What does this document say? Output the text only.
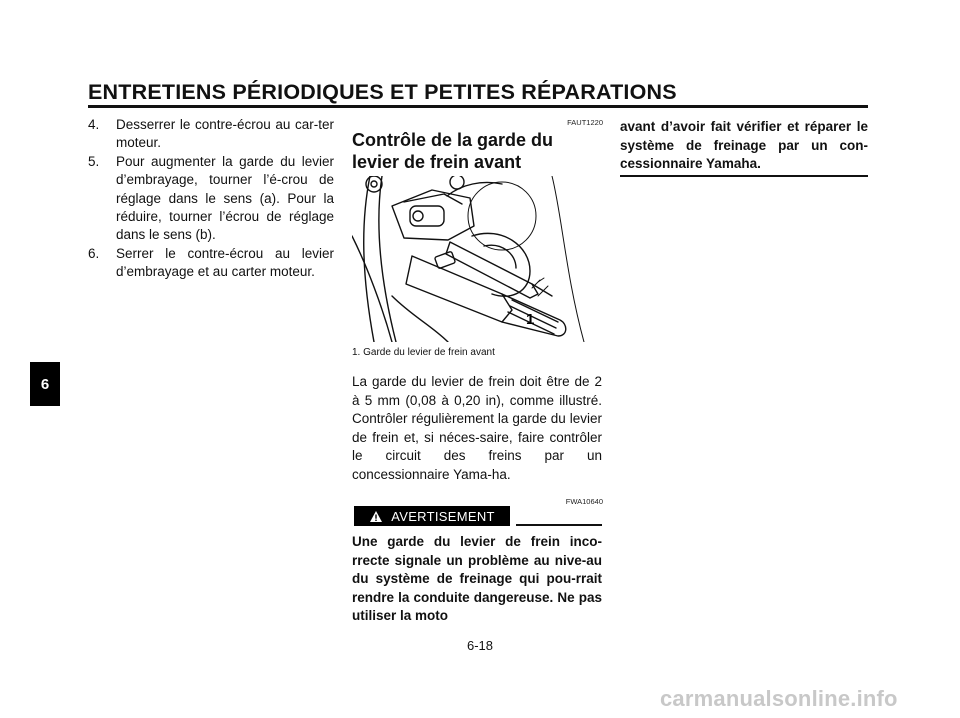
ENTRETIENS PÉRIODIQUES ET PETITES RÉPARATIONS
6
4.	Desserrer le contre-écrou au car-ter moteur.
5.	Pour augmenter la garde du levier d’embrayage, tourner l’é-crou de réglage dans le sens (a). Pour la réduire, tourner l’écrou de réglage dans le sens (b).
6.	Serrer le contre-écrou au levier d’embrayage et au carter moteur.
FAUT1220
Contrôle de la garde du levier de frein avant
1
1. Garde du levier de frein avant
La garde du levier de frein doit être de 2 à 5 mm (0,08 à 0,20 in), comme illustré. Contrôler régulièrement la garde du levier de frein et, si néces-saire, faire contrôler le circuit des freins par un concessionnaire Yama-ha.
FWA10640
AVERTISEMENT
Une garde du levier de frein inco-rrecte signale un problème au nive-au du système de freinage qui pou-rrait rendre la conduite dangereuse. Ne pas utiliser la moto
avant d’avoir fait vérifier et réparer le système de freinage par un con-cessionnaire Yamaha.
6-18
carmanualsonline.info
